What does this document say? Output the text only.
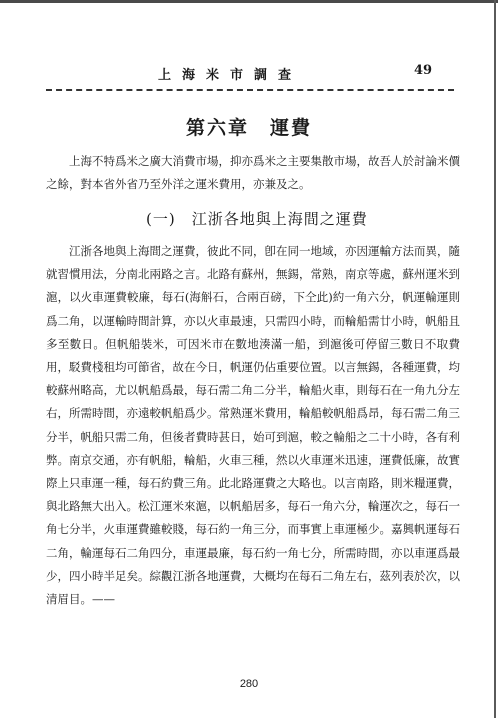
上海米市調查	49
第六章　運費

上海不特爲米之廣大消費市場，抑亦爲米之主要集散市場，故吾人於討論米價之餘，對本省外省乃至外洋之運米費用，亦兼及之。

(一)　江浙各地與上海間之運費

江浙各地與上海間之運費，彼此不同，卽在同一地域，亦因運輸方法而異，隨就習慣用法，分南北兩路之言。北路有蘇州，無錫，常熟，南京等處，蘇州運米到滬，以火車運費較廉，每石(海斛石，合兩百磅，下仝此)約一角六分，帆運輪運則爲二角，以運輸時間計算，亦以火車最速，只需四小時，而輪船需廿小時，帆船且多至數日。但帆船裝米，可因米市在數地湊滿一船，到滬後可停留三數日不取費用，駁費棧租均可節省，故在今日，帆運仍佔重要位置。以言無錫，各種運費，均較蘇州略高，尤以帆船爲最，每石需二角二分半，輪船火車，則每石在一角九分左右，所需時間，亦遠較帆船爲少。常熟運米費用，輪船較帆船爲昂，每石需二角三分半，帆船只需二角，但後者費時甚日，始可到滬，較之輪船之二十小時，各有利弊。南京交通，亦有帆船，輪船，火車三種，然以火車運米迅速，運費低廉，故實際上只車運一種，每石約費三角。此北路運費之大略也。以言南路，則米糧運費，與北路無大出入。松江運米來滬，以帆船居多，每石一角六分，輪運次之，每石一角七分半，火車運費雖較賤，每石約一角三分，而事實上車運極少。嘉興帆運每石二角，輪運每石二角四分，車運最廉，每石約一角七分，所需時間，亦以車運爲最少，四小時半足矣。綜觀江浙各地運費，大概均在每石二角左右，茲列表於次，以清眉目。——

280
